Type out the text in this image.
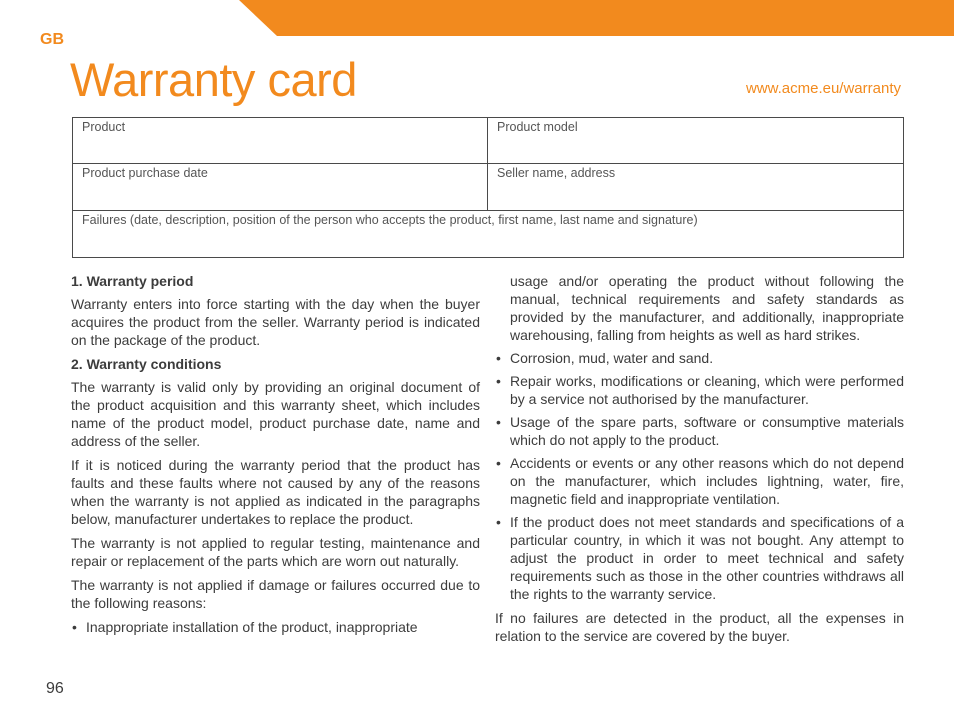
GB
Warranty card	www.acme.eu/warranty
Product	Product model
Product purchase date	Seller name, address
Failures (date, description, position of the person who accepts the product, first name, last name and signature)
1. Warranty period

Warranty enters into force starting with the day when the buyer acquires the product from the seller. Warranty period is indicated on the package of the product.

2. Warranty conditions

The warranty is valid only by providing an original document of the product acquisition and this warranty sheet, which includes name of the product model, product purchase date, name and address of the seller.

If it is noticed during the warranty period that the product has faults and these faults where not caused by any of the reasons when the warranty is not applied as indicated in the paragraphs below, manufacturer undertakes to replace the product.

The warranty is not applied to regular testing, maintenance and repair or replacement of the parts which are worn out naturally.

The warranty is not applied if damage or failures occurred due to the following reasons:

• Inappropriate installation of the product, inappropriate

usage and/or operating the product without following the manual, technical requirements and safety standards as provided by the manufacturer, and additionally, inappropriate warehousing, falling from heights as well as hard strikes.

• Corrosion, mud, water and sand.
• Repair works, modifications or cleaning, which were performed by a service not authorised by the manufacturer.
• Usage of the spare parts, software or consumptive materials which do not apply to the product.
• Accidents or events or any other reasons which do not depend on the manufacturer, which includes lightning, water, fire, magnetic field and inappropriate ventilation.
• If the product does not meet standards and specifications of a particular country, in which it was not bought. Any attempt to adjust the product in order to meet technical and safety requirements such as those in the other countries withdraws all the rights to the warranty service.

If no failures are detected in the product, all the expenses in relation to the service are covered by the buyer.

96
